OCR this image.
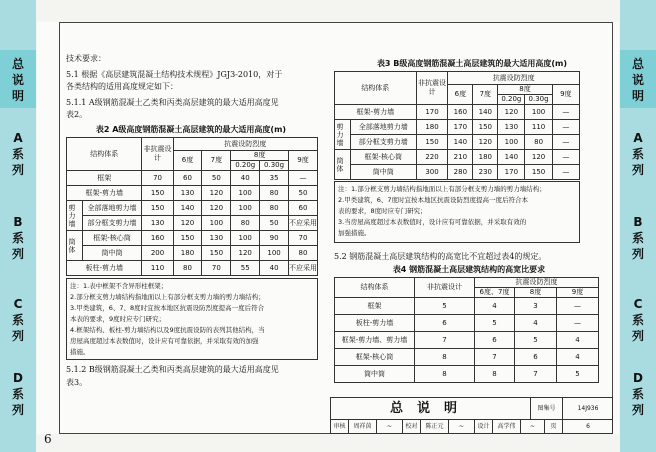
总
说
明
A
系
列
B
系
列
C
系
列
D
系
列
总
说
明
A
系
列
B
系
列
C
系
列
D
系
列
6
技术要求：
5.1 根据《高层建筑混凝土结构技术规程》JGJ3-2010，对于
各类结构的适用高度规定如下：
5.1.1 A级钢筋混凝土乙类和丙类高层建筑的最大适用高度见
表2。
表2 A级高度钢筋混凝土高层建筑的最大适用高度(m)
结构体系		非抗震设计	抗震设防烈度				
			6度	7度	8度		9度
					0.20g	0.30g	
框架		70	60	50	40	35	—
框架-剪力墙		150	130	120	100	80	50

剪力墙	全部落地剪力墙	150	140	120	100	80	60
	部分框支剪力墙	130	120	100	80	50	不应采用

筒体	框架-核心筒	160	150	130	100	90	70
	筒中筒	200	180	150	120	100	80
板柱-剪力墙		110	80	70	55	40	不应采用
注：1.表中框架不含异形柱框架；
2.部分框支剪力墙结构指地面以上有部分框支剪力墙的剪力墙结构；
3.甲类建筑，6、7、8度时宜按本地区抗震设防烈度提高一度后符合
本表的要求，9度时应专门研究；
4.框架结构、板柱-剪力墙结构以及9度抗震设防的表列其他结构，当
房屋高度超过本表数值时，设计应有可靠依据，并采取有效的加强
措施。
5.1.2 B级钢筋混凝土乙类和丙类高层建筑的最大适用高度见
表3。
表3 B级高度钢筋混凝土高层建筑的最大适用高度(m)
结构体系		非抗震设计	抗震设防烈度				
			6度	7度	8度		9度
					0.20g	0.30g	
框架-剪力墙		170	160	140	120	100	—

剪力墙	全部落地剪力墙	180	170	150	130	110	—
	部分框支剪力墙	150	140	120	100	80	—

筒体	框架-核心筒	220	210	180	140	120	—
	筒中筒	300	280	230	170	150	—
注：1.部分框支剪力墙结构指地面以上有部分框支剪力墙的剪力墙结构；
2.甲类建筑，6、7度时宜按本地区抗震设防烈度提高一度后符合本
表的要求，8度时应专门研究；
3.当房屋高度超过本表数值时，设计应有可靠依据，并采取有效的
加强措施。
5.2 钢筋混凝土高层建筑结构的高宽比不宜超过表4的规定。
表4 钢筋混凝土高层建筑结构的高宽比要求
结构体系	非抗震设计	抗震设防烈度		
		6度、7度	8度	9度
框架	5	4	3	—
板柱-剪力墙	6	5	4	—
框架-剪力墙、剪力墙	7	6	5	4
框架-核心筒	8	7	6	4
筒中筒	8	8	7	5
总说明	图集号	14J936
审核	周祥茵	~	校对	陈正元	~	设计	高学伟	~	页	6
